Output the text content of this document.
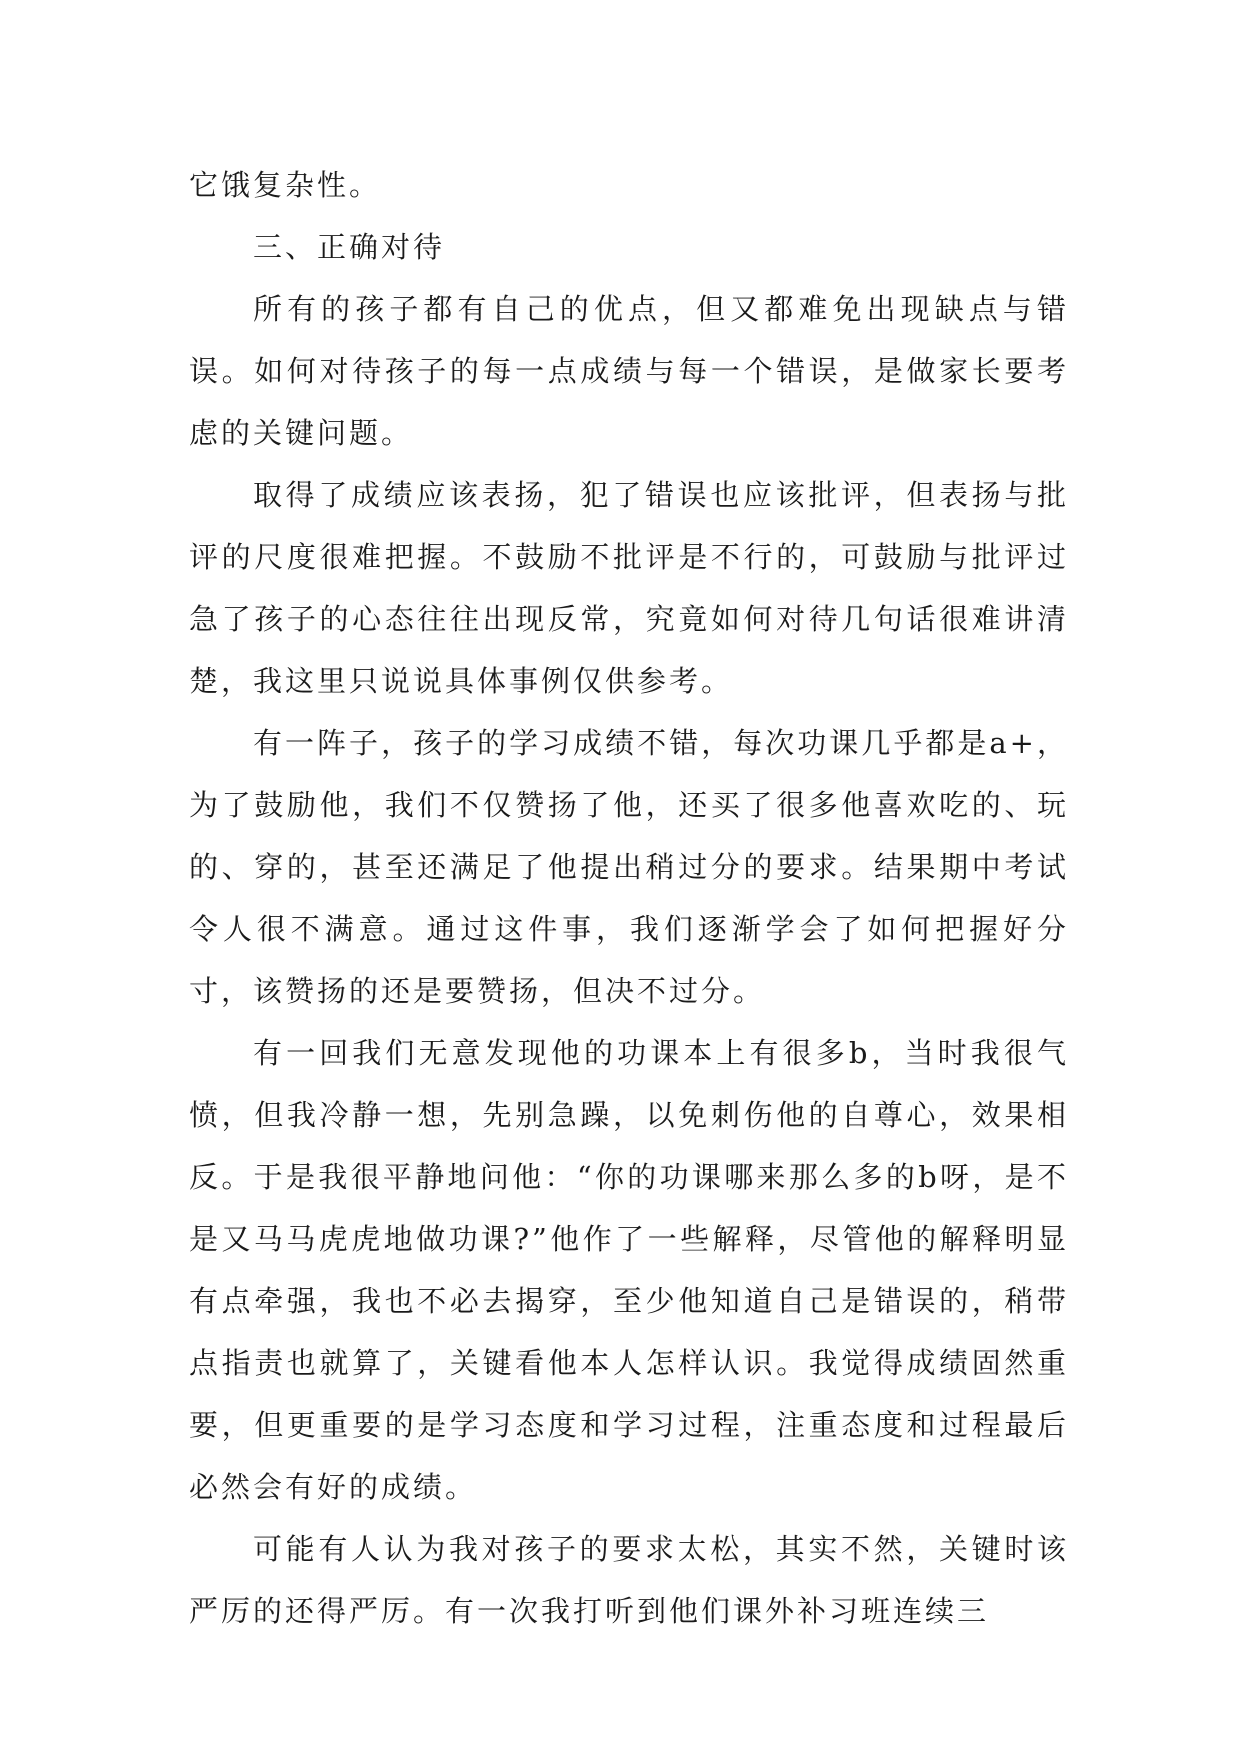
它饿复杂性。

三、正确对待

所有的孩子都有自己的优点，但又都难免出现缺点与错误。如何对待孩子的每一点成绩与每一个错误，是做家长要考虑的关键问题。

取得了成绩应该表扬，犯了错误也应该批评，但表扬与批评的尺度很难把握。不鼓励不批评是不行的，可鼓励与批评过急了孩子的心态往往出现反常，究竟如何对待几句话很难讲清楚，我这里只说说具体事例仅供参考。

有一阵子，孩子的学习成绩不错，每次功课几乎都是a+，为了鼓励他，我们不仅赞扬了他，还买了很多他喜欢吃的、玩的、穿的，甚至还满足了他提出稍过分的要求。结果期中考试令人很不满意。通过这件事，我们逐渐学会了如何把握好分寸，该赞扬的还是要赞扬，但决不过分。

有一回我们无意发现他的功课本上有很多b，当时我很气愤，但我冷静一想，先别急躁，以免刺伤他的自尊心，效果相反。于是我很平静地问他：“你的功课哪来那么多的b呀，是不是又马马虎虎地做功课?”他作了一些解释，尽管他的解释明显有点牵强，我也不必去揭穿，至少他知道自己是错误的，稍带点指责也就算了，关键看他本人怎样认识。我觉得成绩固然重要，但更重要的是学习态度和学习过程，注重态度和过程最后必然会有好的成绩。

可能有人认为我对孩子的要求太松，其实不然，关键时该严厉的还得严厉。有一次我打听到他们课外补习班连续三
